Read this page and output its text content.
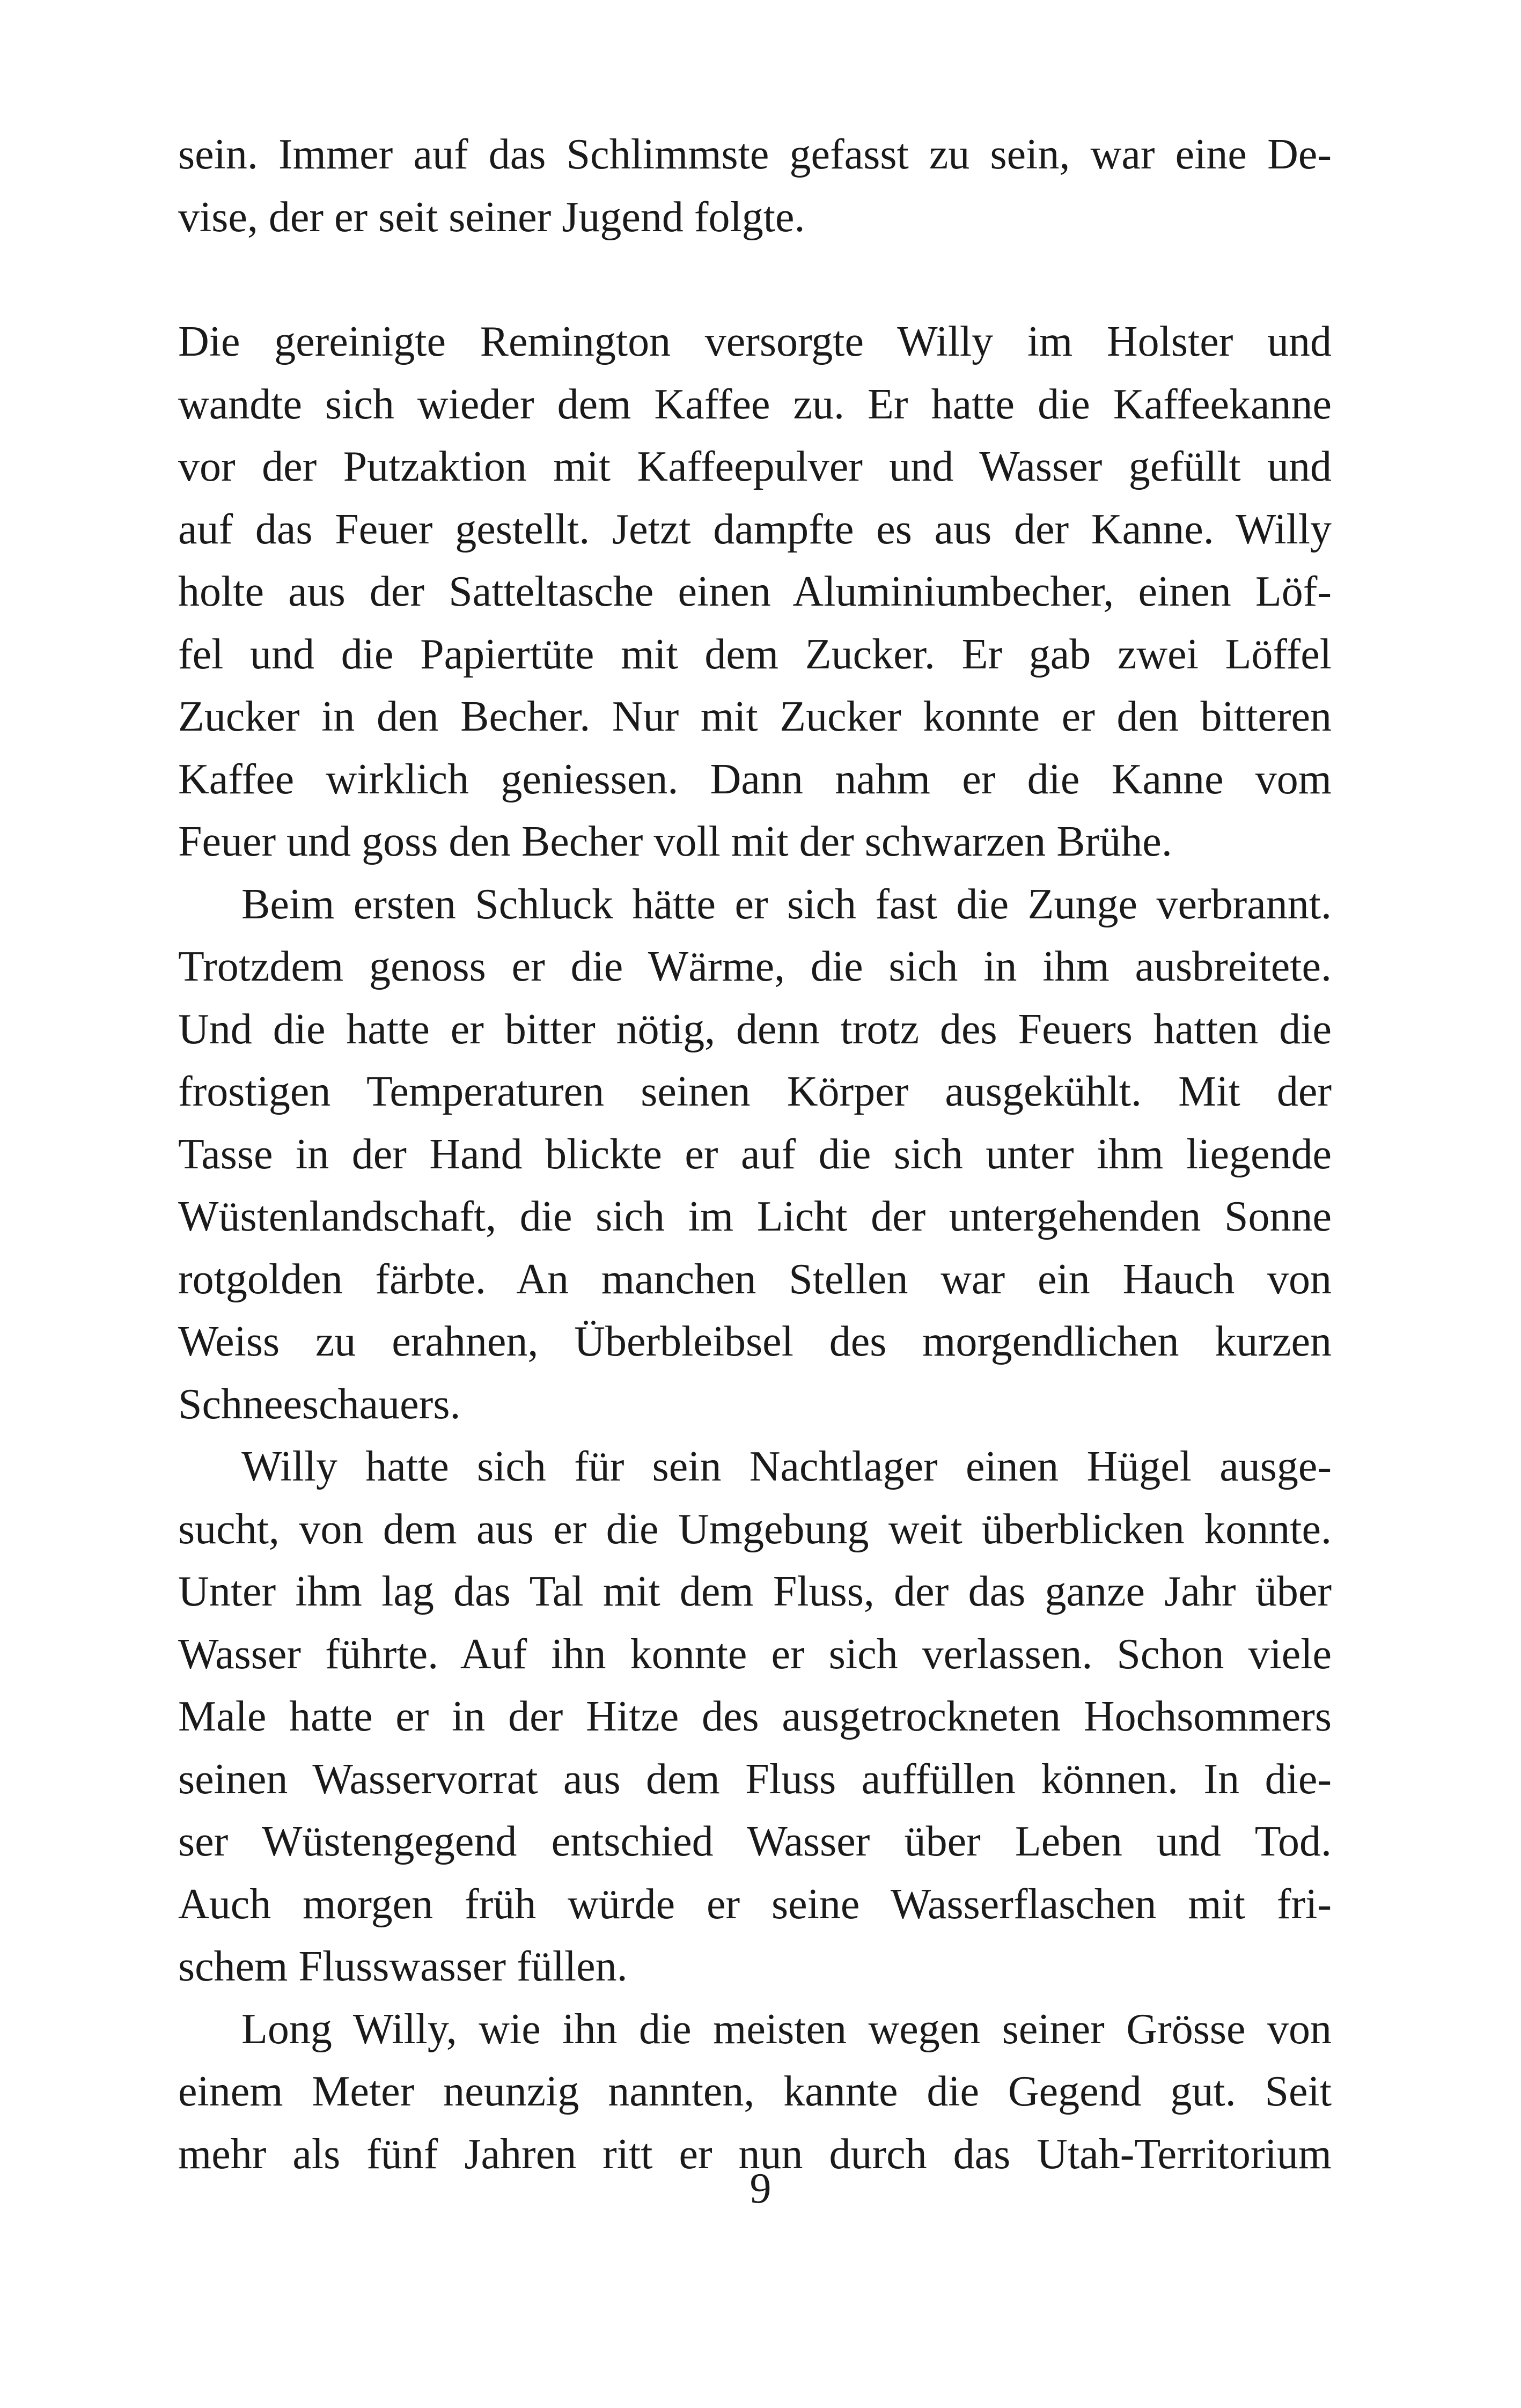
sein. Immer auf das Schlimmste gefasst zu sein, war eine De-
vise, der er seit seiner Jugend folgte.
Die gereinigte Remington versorgte Willy im Holster und
wandte sich wieder dem Kaffee zu. Er hatte die Kaffeekanne
vor der Putzaktion mit Kaffeepulver und Wasser gefüllt und
auf das Feuer gestellt. Jetzt dampfte es aus der Kanne. Willy
holte aus der Satteltasche einen Aluminiumbecher, einen Löf-
fel und die Papiertüte mit dem Zucker. Er gab zwei Löffel
Zucker in den Becher. Nur mit Zucker konnte er den bitteren
Kaffee wirklich geniessen. Dann nahm er die Kanne vom
Feuer und goss den Becher voll mit der schwarzen Brühe.
Beim ersten Schluck hätte er sich fast die Zunge verbrannt.
Trotzdem genoss er die Wärme, die sich in ihm ausbreitete.
Und die hatte er bitter nötig, denn trotz des Feuers hatten die
frostigen Temperaturen seinen Körper ausgekühlt. Mit der
Tasse in der Hand blickte er auf die sich unter ihm liegende
Wüstenlandschaft, die sich im Licht der untergehenden Sonne
rotgolden färbte. An manchen Stellen war ein Hauch von
Weiss zu erahnen, Überbleibsel des morgendlichen kurzen
Schneeschauers.
Willy hatte sich für sein Nachtlager einen Hügel ausge-
sucht, von dem aus er die Umgebung weit überblicken konnte.
Unter ihm lag das Tal mit dem Fluss, der das ganze Jahr über
Wasser führte. Auf ihn konnte er sich verlassen. Schon viele
Male hatte er in der Hitze des ausgetrockneten Hochsommers
seinen Wasservorrat aus dem Fluss auffüllen können. In die-
ser Wüstengegend entschied Wasser über Leben und Tod.
Auch morgen früh würde er seine Wasserflaschen mit fri-
schem Flusswasser füllen.
Long Willy, wie ihn die meisten wegen seiner Grösse von
einem Meter neunzig nannten, kannte die Gegend gut. Seit
mehr als fünf Jahren ritt er nun durch das Utah-Territorium
9
